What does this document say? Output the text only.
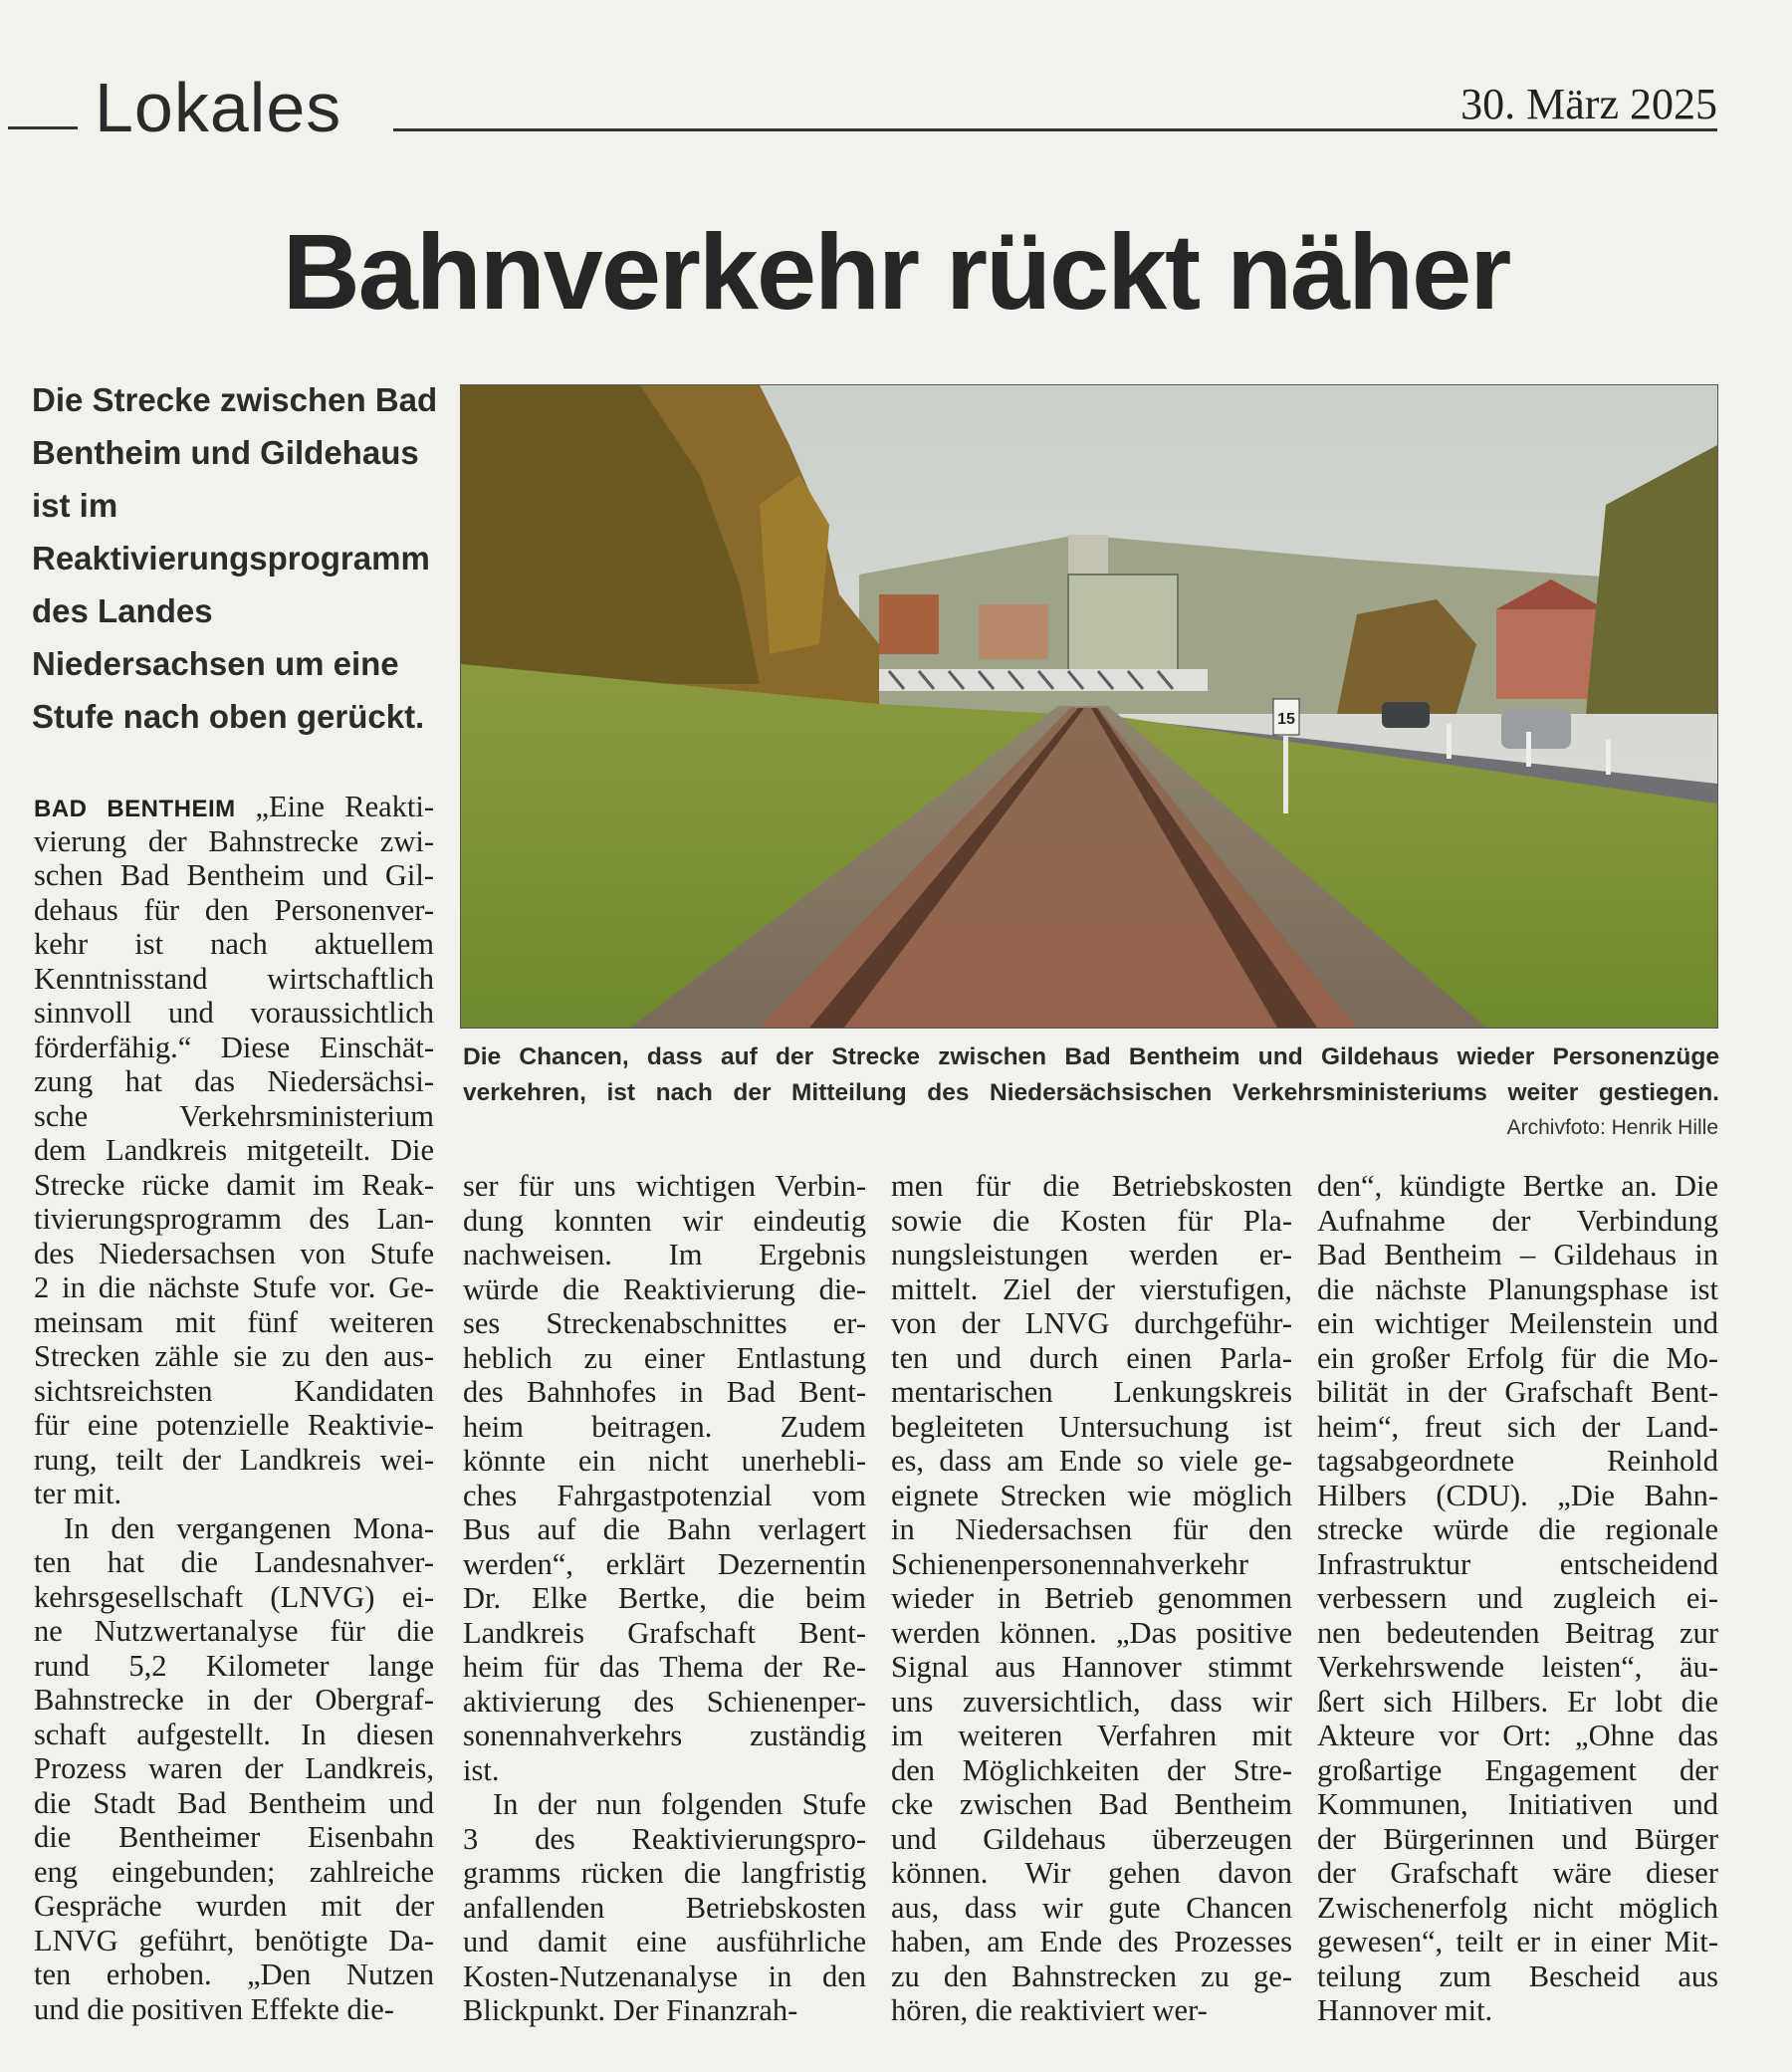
Lokales	30. März 2025
Bahnverkehr rückt näher
Die Strecke zwischen Bad Bentheim und Gildehaus ist im Reaktivierungsprogramm des Landes Niedersachsen um eine Stufe nach oben gerückt.	15
Die Chancen, dass auf der Strecke zwischen Bad Bentheim und Gildehaus wieder Personenzüge
verkehren, ist nach der Mitteilung des Niedersächsischen Verkehrsministeriums weiter gestiegen.
Archivfoto: Henrik Hille
BAD BENTHEIM „Eine Reakti-
vierung der Bahnstrecke zwi-
schen Bad Bentheim und Gil-
dehaus für den Personenver-
kehr ist nach aktuellem
Kenntnisstand wirtschaftlich
sinnvoll und voraussichtlich
förderfähig.“ Diese Einschät-
zung hat das Niedersächsi-
sche Verkehrsministerium
dem Landkreis mitgeteilt. Die
Strecke rücke damit im Reak-
tivierungsprogramm des Lan-
des Niedersachsen von Stufe
2 in die nächste Stufe vor. Ge-
meinsam mit fünf weiteren
Strecken zähle sie zu den aus-
sichtsreichsten Kandidaten
für eine potenzielle Reaktivie-
rung, teilt der Landkreis wei-
ter mit.
In den vergangenen Mona-
ten hat die Landesnahver-
kehrsgesellschaft (LNVG) ei-
ne Nutzwertanalyse für die
rund 5,2 Kilometer lange
Bahnstrecke in der Obergraf-
schaft aufgestellt. In diesen
Prozess waren der Landkreis,
die Stadt Bad Bentheim und
die Bentheimer Eisenbahn
eng eingebunden; zahlreiche
Gespräche wurden mit der
LNVG geführt, benötigte Da-
ten erhoben. „Den Nutzen
und die positiven Effekte die-
ser für uns wichtigen Verbin-
dung konnten wir eindeutig
nachweisen. Im Ergebnis
würde die Reaktivierung die-
ses Streckenabschnittes er-
heblich zu einer Entlastung
des Bahnhofes in Bad Bent-
heim beitragen. Zudem
könnte ein nicht unerhebli-
ches Fahrgastpotenzial vom
Bus auf die Bahn verlagert
werden“, erklärt Dezernentin
Dr. Elke Bertke, die beim
Landkreis Grafschaft Bent-
heim für das Thema der Re-
aktivierung des Schienenper-
sonennahverkehrs zuständig
ist.
In der nun folgenden Stufe
3 des Reaktivierungspro-
gramms rücken die langfristig
anfallenden Betriebskosten
und damit eine ausführliche
Kosten-Nutzenanalyse in den
Blickpunkt. Der Finanzrah-
men für die Betriebskosten
sowie die Kosten für Pla-
nungsleistungen werden er-
mittelt. Ziel der vierstufigen,
von der LNVG durchgeführ-
ten und durch einen Parla-
mentarischen Lenkungskreis
begleiteten Untersuchung ist
es, dass am Ende so viele ge-
eignete Strecken wie möglich
in Niedersachsen für den
Schienenpersonennahverkehr
wieder in Betrieb genommen
werden können. „Das positive
Signal aus Hannover stimmt
uns zuversichtlich, dass wir
im weiteren Verfahren mit
den Möglichkeiten der Stre-
cke zwischen Bad Bentheim
und Gildehaus überzeugen
können. Wir gehen davon
aus, dass wir gute Chancen
haben, am Ende des Prozesses
zu den Bahnstrecken zu ge-
hören, die reaktiviert wer-
den“, kündigte Bertke an. Die
Aufnahme der Verbindung
Bad Bentheim – Gildehaus in
die nächste Planungsphase ist
ein wichtiger Meilenstein und
ein großer Erfolg für die Mo-
bilität in der Grafschaft Bent-
heim“, freut sich der Land-
tagsabgeordnete Reinhold
Hilbers (CDU). „Die Bahn-
strecke würde die regionale
Infrastruktur entscheidend
verbessern und zugleich ei-
nen bedeutenden Beitrag zur
Verkehrswende leisten“, äu-
ßert sich Hilbers. Er lobt die
Akteure vor Ort: „Ohne das
großartige Engagement der
Kommunen, Initiativen und
der Bürgerinnen und Bürger
der Grafschaft wäre dieser
Zwischenerfolg nicht möglich
gewesen“, teilt er in einer Mit-
teilung zum Bescheid aus
Hannover mit.
